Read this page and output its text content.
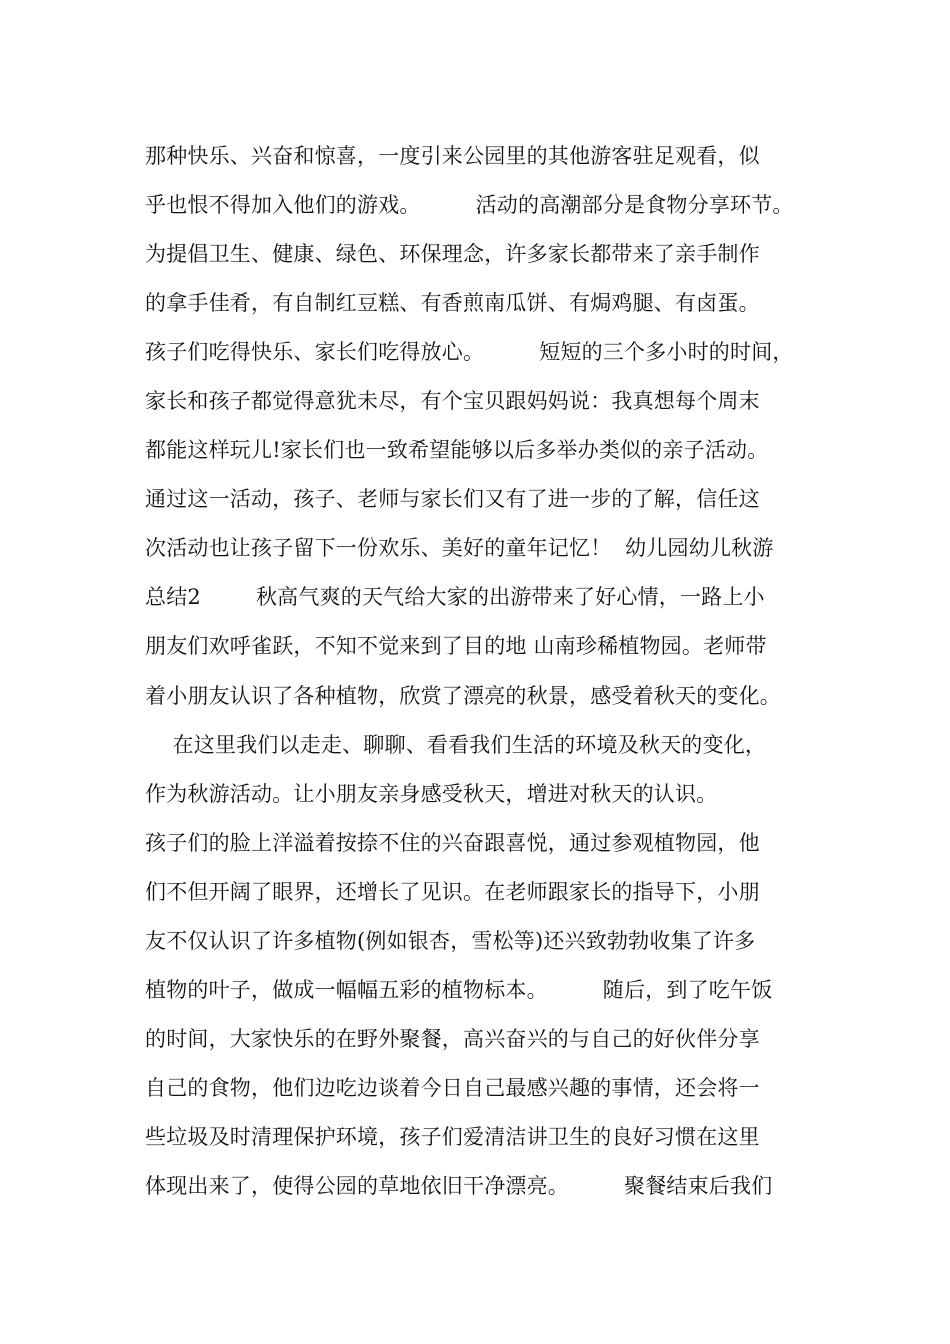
那种快乐、兴奋和惊喜，一度引来公园里的其他游客驻足观看，似
乎也恨不得加入他们的游戏。        活动的高潮部分是食物分享环节。
为提倡卫生、健康、绿色、环保理念，许多家长都带来了亲手制作
的拿手佳肴，有自制红豆糕、有香煎南瓜饼、有焗鸡腿、有卤蛋。
孩子们吃得快乐、家长们吃得放心。        短短的三个多小时的时间，
家长和孩子都觉得意犹未尽，有个宝贝跟妈妈说：我真想每个周末
都能这样玩儿!家长们也一致希望能够以后多举办类似的亲子活动。
通过这一活动，孩子、老师与家长们又有了进一步的了解，信任这
次活动也让孩子留下一份欢乐、美好的童年记忆！  幼儿园幼儿秋游
总结2        秋高气爽的天气给大家的出游带来了好心情，一路上小
朋友们欢呼雀跃，不知不觉来到了目的地 山南珍稀植物园。老师带
着小朋友认识了各种植物，欣赏了漂亮的秋景，感受着秋天的变化。
在这里我们以走走、聊聊、看看我们生活的环境及秋天的变化，
作为秋游活动。让小朋友亲身感受秋天，增进对秋天的认识。
孩子们的脸上洋溢着按捺不住的兴奋跟喜悦，通过参观植物园，他
们不但开阔了眼界，还增长了见识。在老师跟家长的指导下，小朋
友不仅认识了许多植物(例如银杏，雪松等)还兴致勃勃收集了许多
植物的叶子，做成一幅幅五彩的植物标本。        随后，到了吃午饭
的时间，大家快乐的在野外聚餐，高兴奋兴的与自己的好伙伴分享
自己的食物，他们边吃边谈着今日自己最感兴趣的事情，还会将一
些垃圾及时清理保护环境，孩子们爱清洁讲卫生的良好习惯在这里
体现出来了，使得公园的草地依旧干净漂亮。        聚餐结束后我们
